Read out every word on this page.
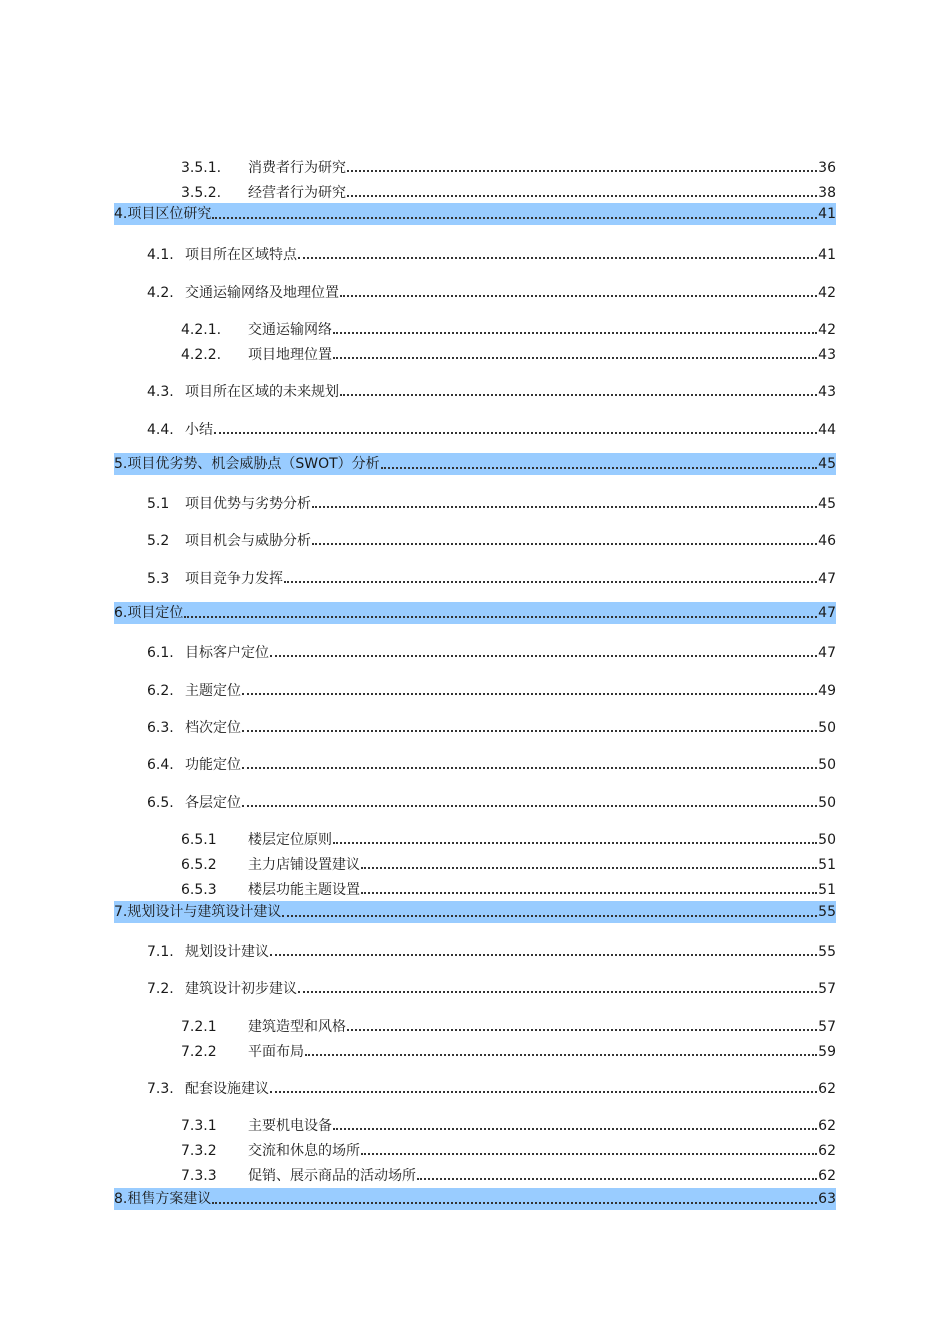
3.5.1.	消费者行为研究	36
3.5.2.	经营者行为研究	38
4.项目区位研究	41
4.1. 项目所在区域特点	41
4.2. 交通运输网络及地理位置	42
4.2.1.	交通运输网络	42
4.2.2.	项目地理位置	43
4.3. 项目所在区域的未来规划	43
4.4. 小结	44
5.项目优劣势、机会威胁点（SWOT）分析	45
5.1	项目优势与劣势分析	45
5.2	项目机会与威胁分析	46
5.3	项目竞争力发挥	47
6.项目定位	47
6.1. 目标客户定位	47
6.2. 主题定位	49
6.3. 档次定位	50
6.4. 功能定位	50
6.5. 各层定位	50
6.5.1	楼层定位原则	50
6.5.2	主力店铺设置建议	51
6.5.3	楼层功能主题设置	51
7.规划设计与建筑设计建议	55
7.1. 规划设计建议	55
7.2. 建筑设计初步建议	57
7.2.1	建筑造型和风格	57
7.2.2	平面布局	59
7.3. 配套设施建议	62
7.3.1	主要机电设备	62
7.3.2	交流和休息的场所	62
7.3.3	促销、展示商品的活动场所	62
8.租售方案建议	63
